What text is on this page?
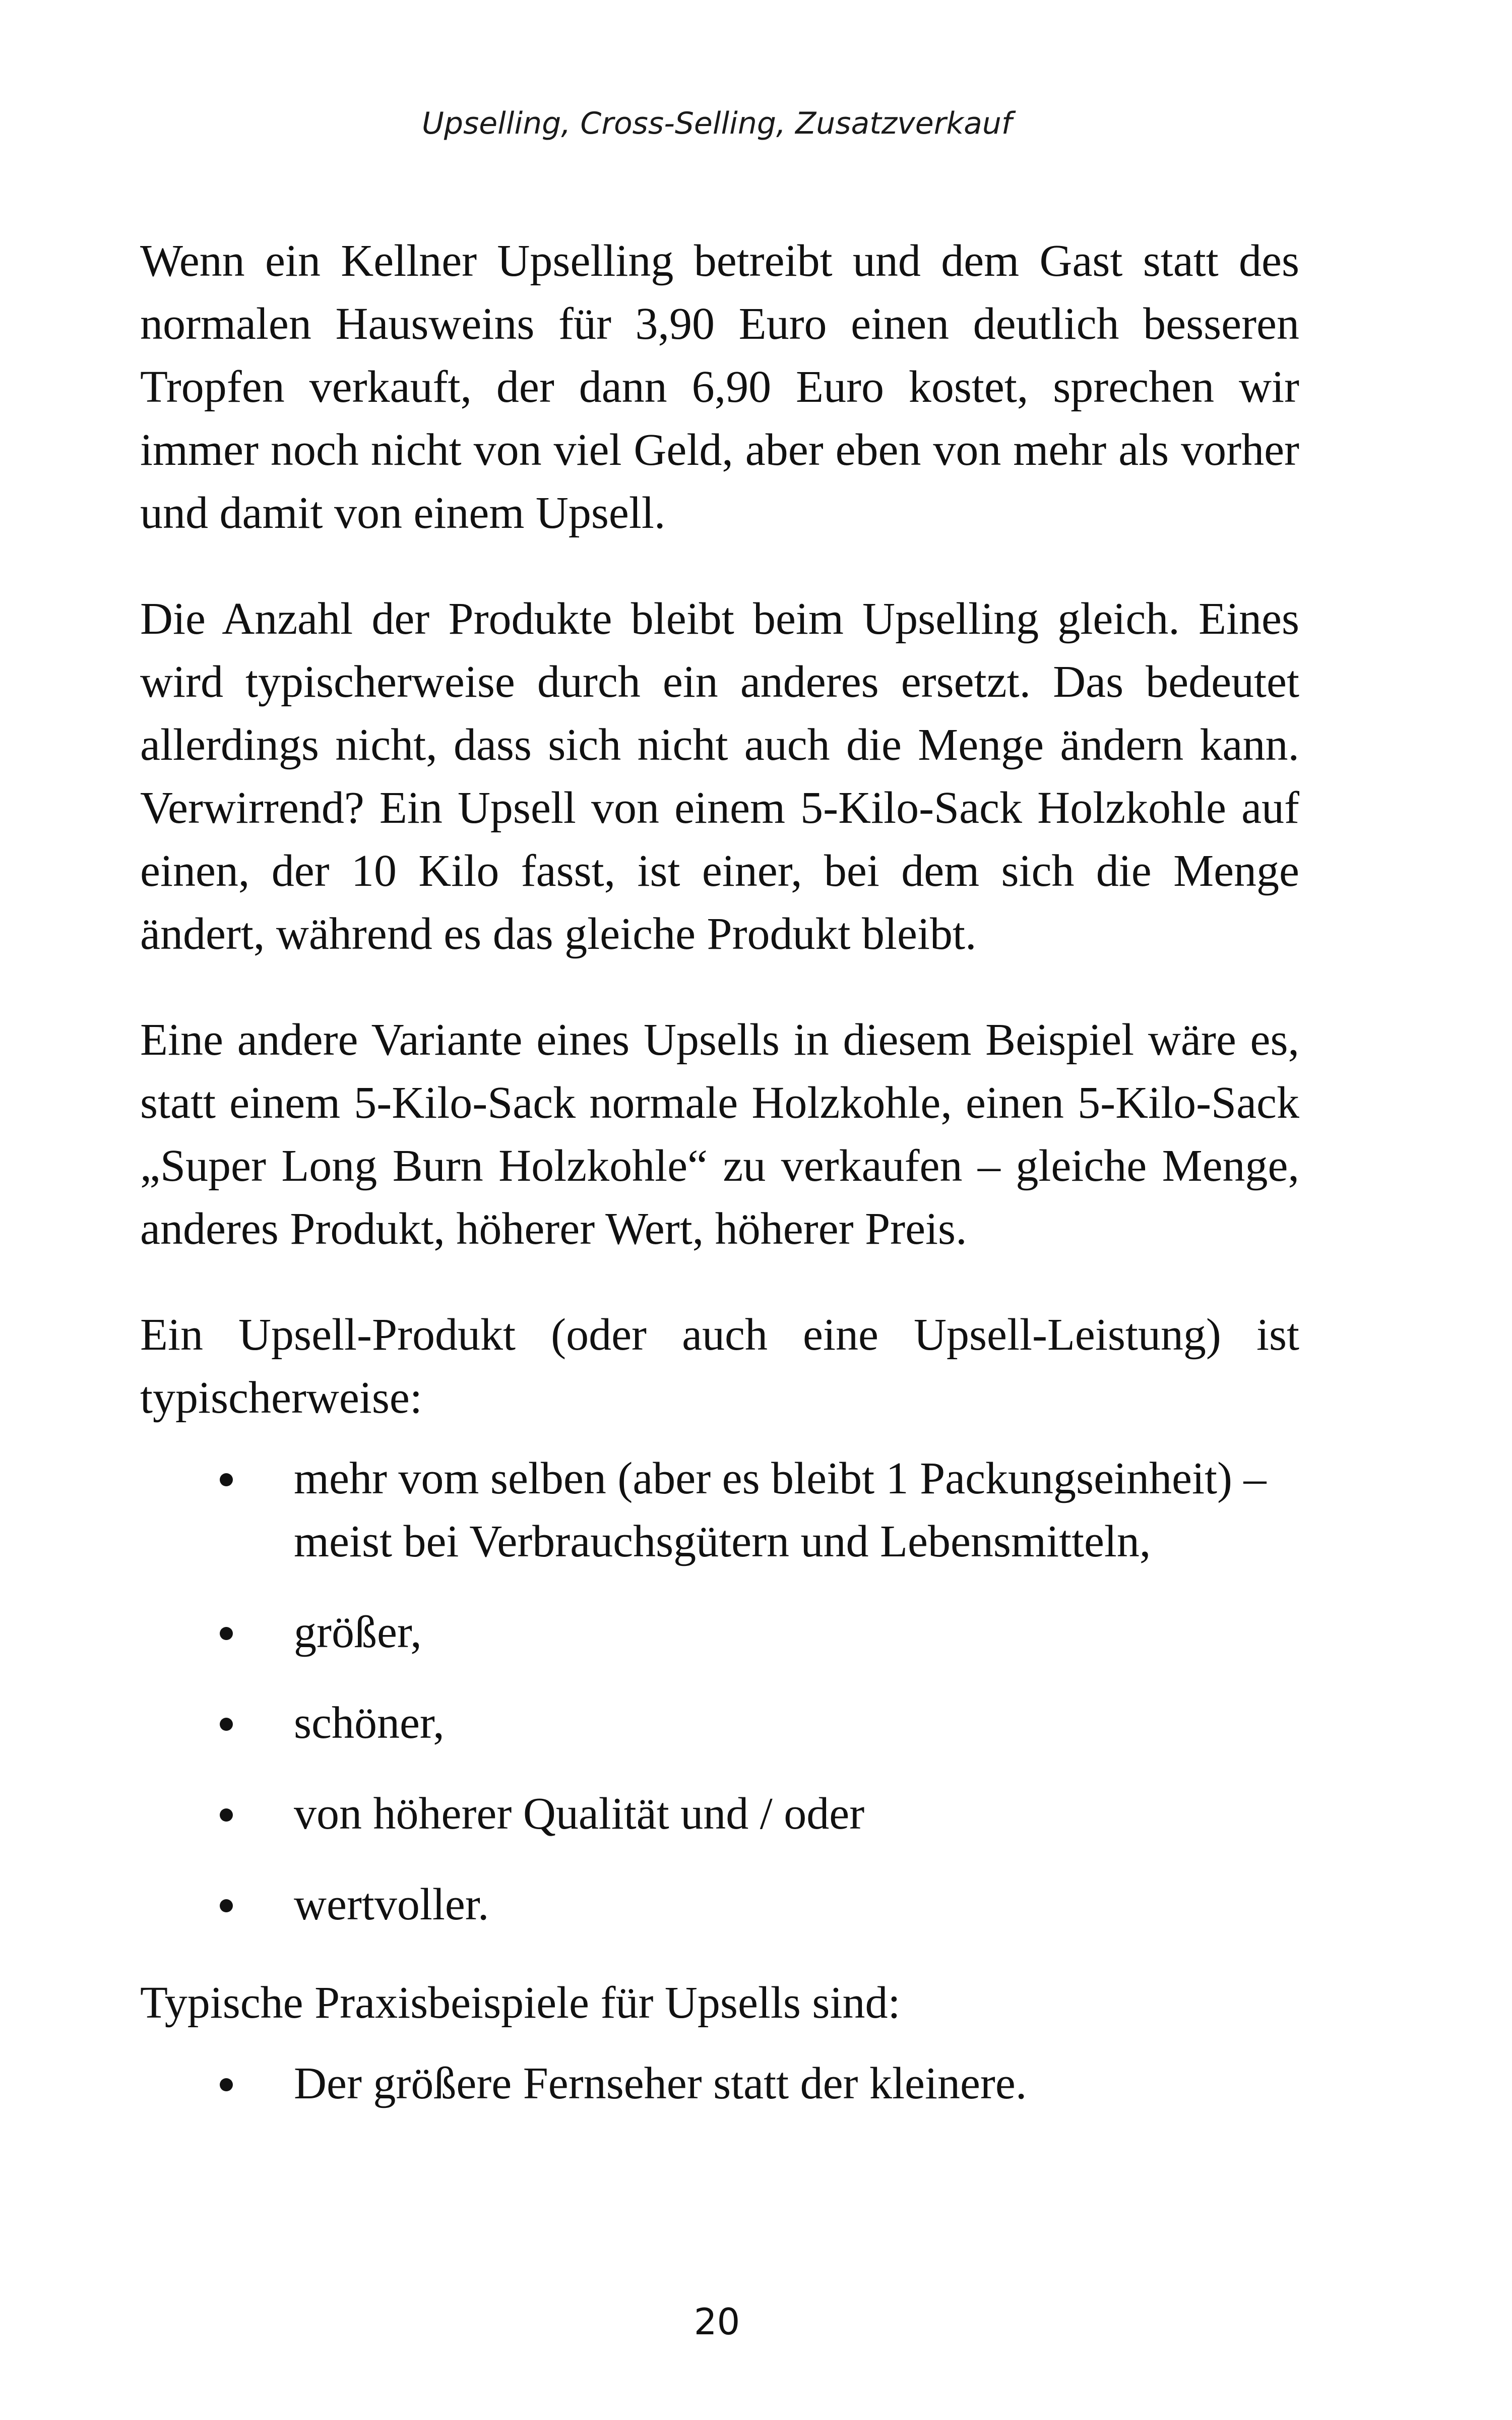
Upselling, Cross-Selling, Zusatzverkauf

Wenn ein Kellner Upselling betreibt und dem Gast statt des normalen Hausweins für 3,90 Euro einen deutlich besseren Tropfen verkauft, der dann 6,90 Euro kostet, sprechen wir immer noch nicht von viel Geld, aber eben von mehr als vorher und damit von einem Upsell.

Die Anzahl der Produkte bleibt beim Upselling gleich. Eines wird typischerweise durch ein anderes ersetzt. Das bedeutet allerdings nicht, dass sich nicht auch die Menge ändern kann. Verwirrend? Ein Upsell von einem 5-Kilo-Sack Holzkohle auf einen, der 10 Kilo fasst, ist einer, bei dem sich die Menge ändert, während es das gleiche Produkt bleibt.

Eine andere Variante eines Upsells in diesem Beispiel wäre es, statt einem 5-Kilo-Sack normale Holzkohle, einen 5-Kilo-Sack „Super Long Burn Holzkohle“ zu verkaufen – gleiche Menge, anderes Produkt, höherer Wert, höherer Preis.

Ein Upsell-Produkt (oder auch eine Upsell-Leistung) ist typischerweise:

mehr vom selben (aber es bleibt 1 Packungseinheit) – meist bei Verbrauchsgütern und Lebensmitteln,
größer,
schöner,
von höherer Qualität und / oder
wertvoller.

Typische Praxisbeispiele für Upsells sind:

Der größere Fernseher statt der kleinere.
20
